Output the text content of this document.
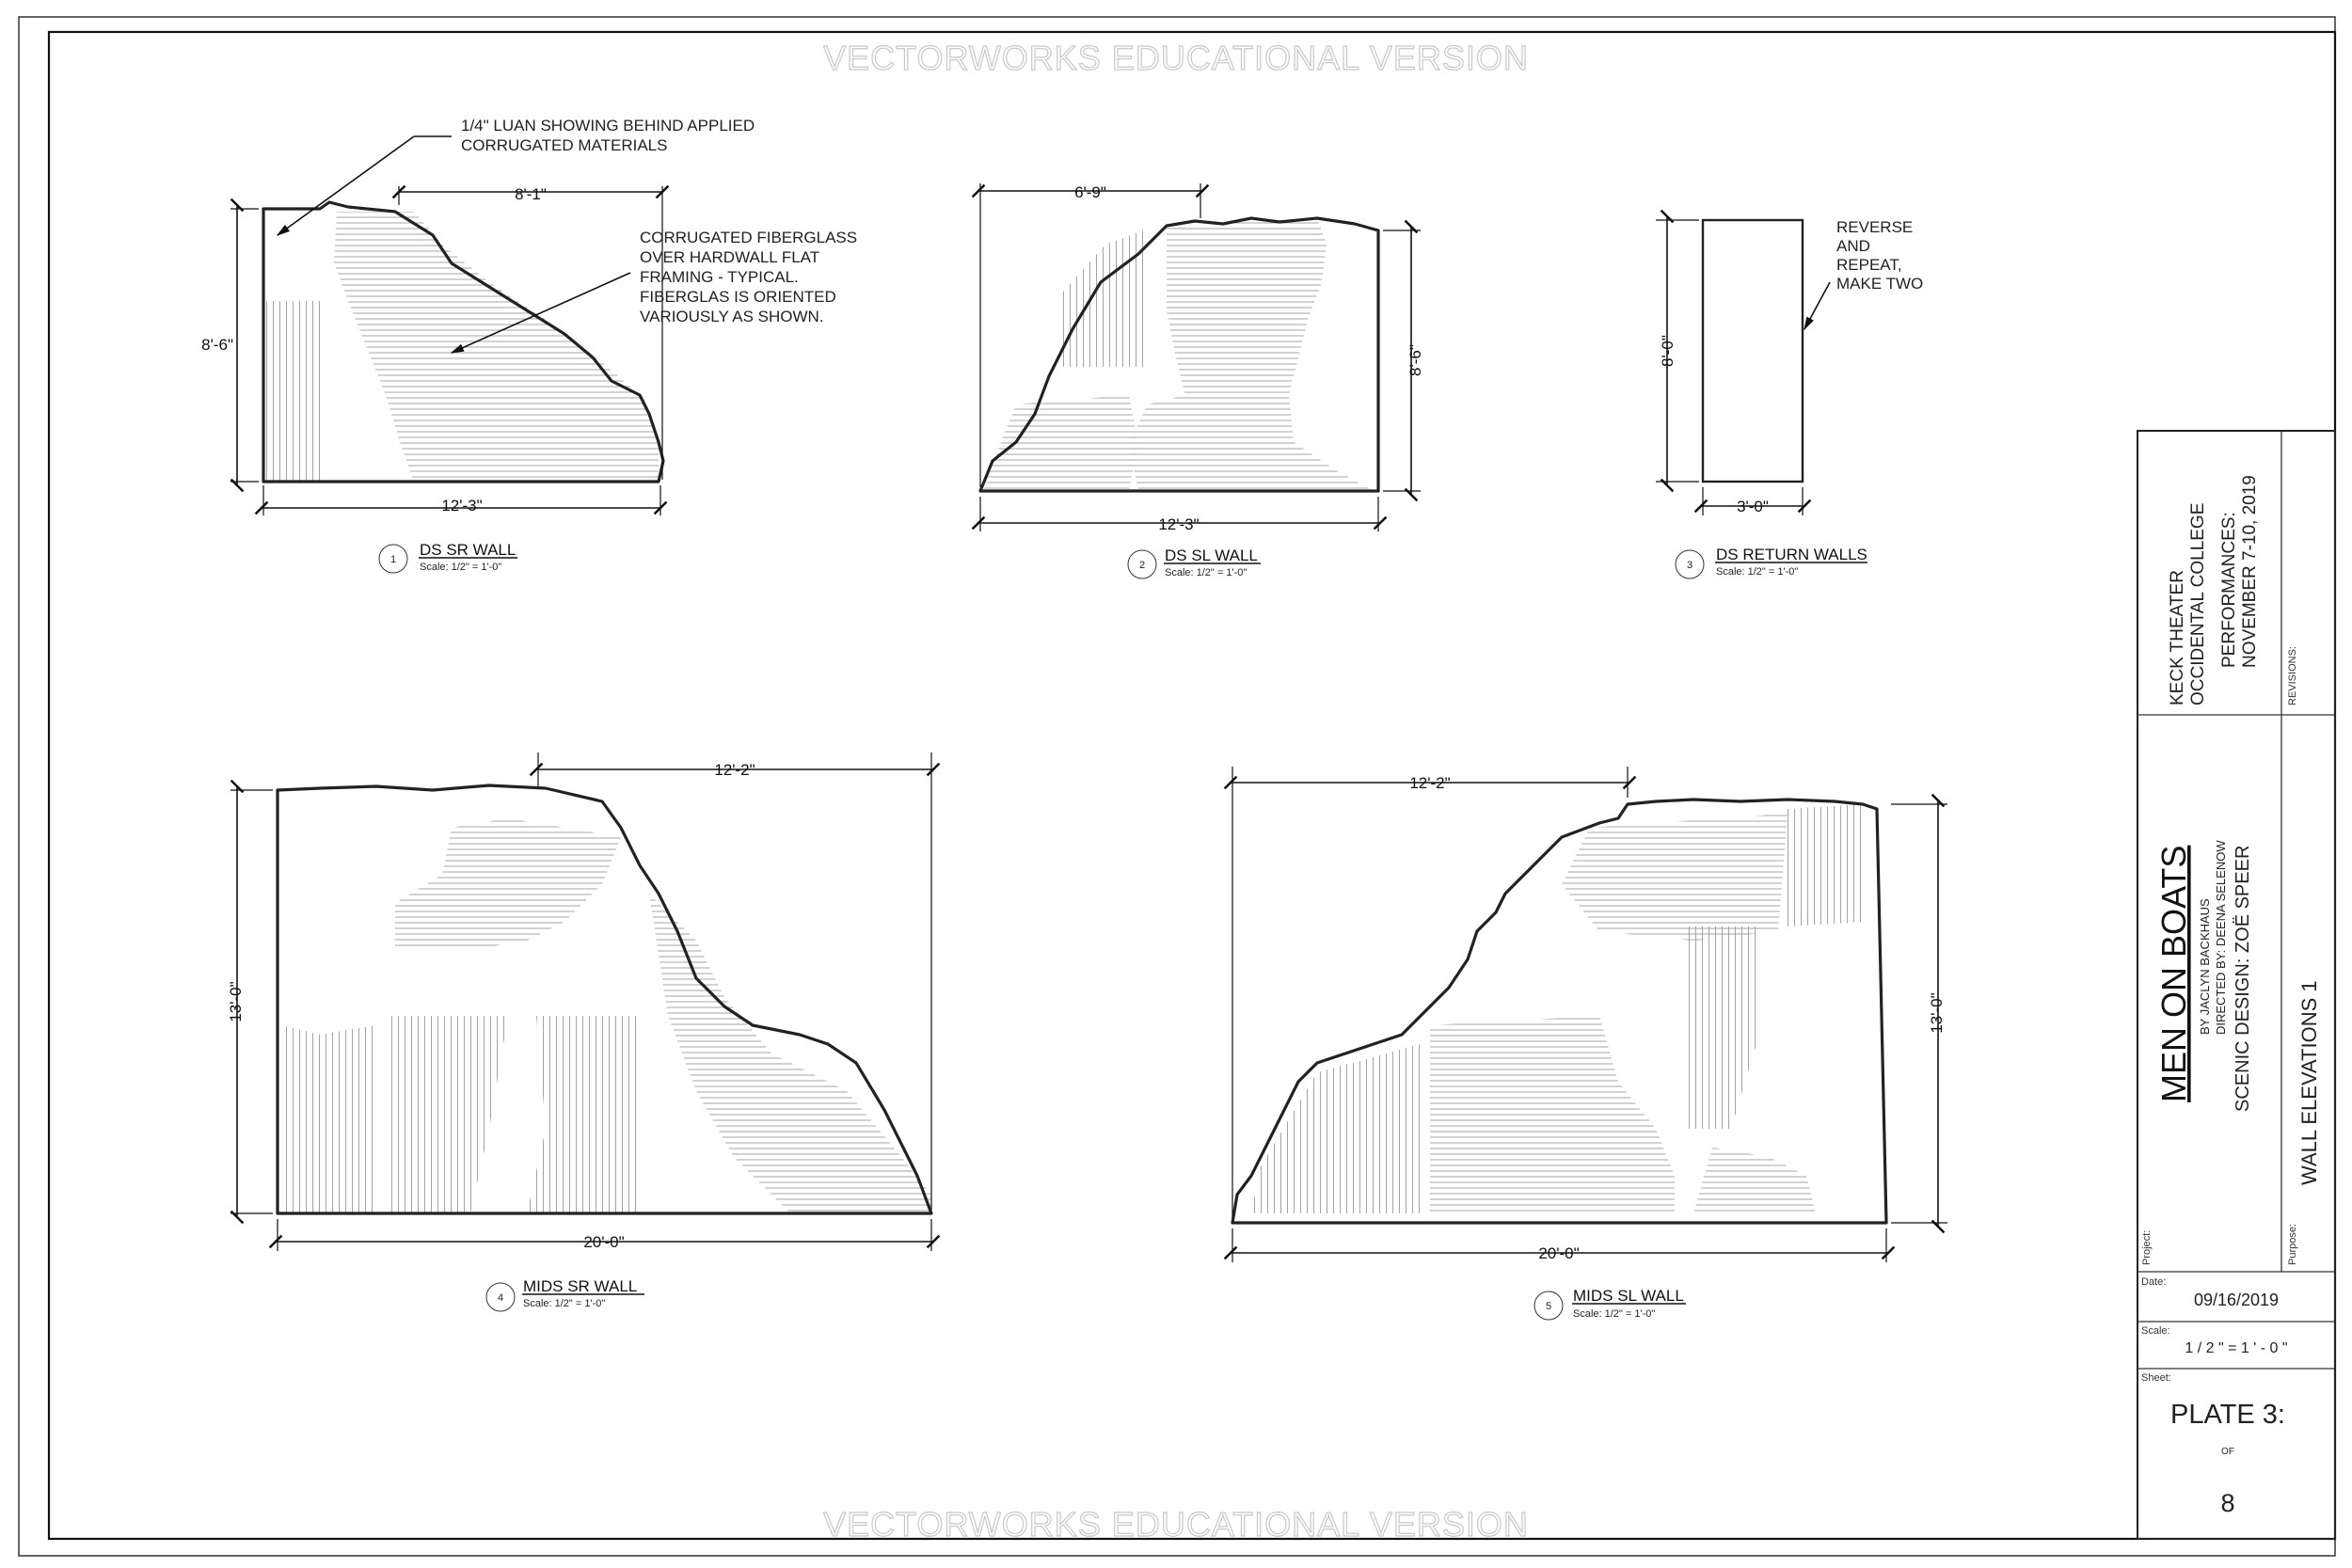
VECTORWORKS EDUCATIONAL VERSION
VECTORWORKS EDUCATIONAL VERSION
8'-6"
12'-3"
8'-1"
1/4" LUAN SHOWING BEHIND APPLIED
CORRUGATED MATERIALS
CORRUGATED FIBERGLASS
OVER HARDWALL FLAT
FRAMING - TYPICAL.
FIBERGLAS IS ORIENTED
VARIOUSLY AS SHOWN.
1
DS SR WALL
Scale: 1/2" = 1'-0"
6'-9"
8'-6"
12'-3"
2
DS SL WALL
Scale: 1/2" = 1'-0"
8'-0"
3'-0"
REVERSE
AND
REPEAT,
MAKE TWO
3
DS RETURN WALLS
Scale: 1/2" = 1'-0"
13'-0"
12'-2"
20'-0"
4
MIDS SR WALL
Scale: 1/2" = 1'-0"
12'-2"
13'-0"
20'-0"
5
MIDS SL WALL
Scale: 1/2" = 1'-0"
KECK THEATER OCCIDENTAL COLLEGE PERFORMANCES: NOVEMBER 7-10, 2019
REVISIONS:
MEN ON BOATS BY JACLYN BACKHAUS DIRECTED BY: DEENA SELENOW SCENIC DESIGN: ZOË SPEER
Project:	Purpose:
WALL ELEVATIONS 1
Date:
09/16/2019
Scale:
1 / 2 " = 1 ' - 0 "
Sheet:
PLATE 3:
OF
8
